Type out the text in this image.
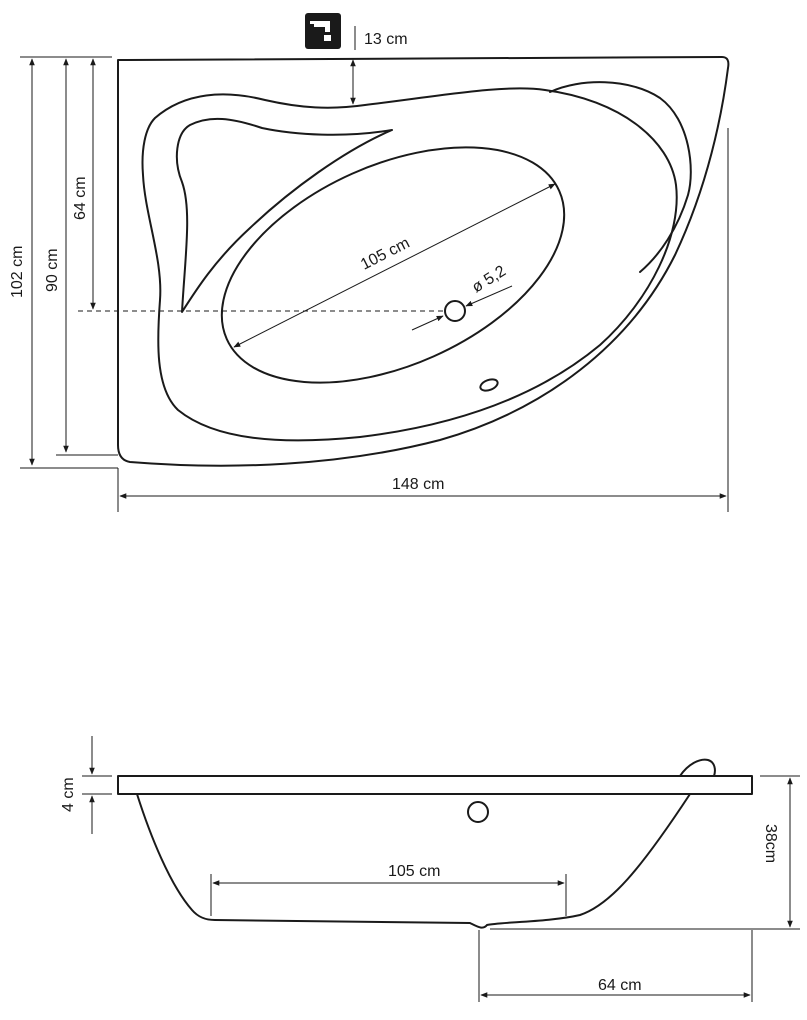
13 cm
ø 5,2
105 cm
102 cm 90 cm
64 cm
148 cm
4 cm
38cm
105 cm
64 cm
